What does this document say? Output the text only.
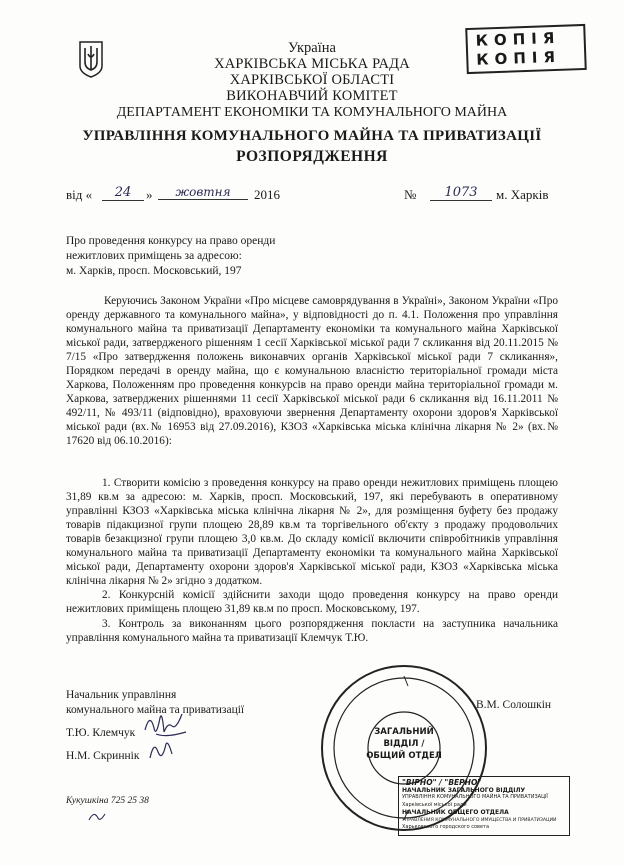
КОПІЯ
КОПІЯ
Україна
ХАРКІВСЬКА МІСЬКА РАДА
ХАРКІВСЬКОЇ ОБЛАСТІ
ВИКОНАВЧИЙ КОМІТЕТ
ДЕПАРТАМЕНТ ЕКОНОМІКИ ТА КОМУНАЛЬНОГО МАЙНА
УПРАВЛІННЯ КОМУНАЛЬНОГО МАЙНА ТА ПРИВАТИЗАЦІЇ
РОЗПОРЯДЖЕННЯ
від «	24	»	жовтня	2016	№	1073	м. Харків
Про проведення конкурсу на право оренди
нежитлових приміщень за адресою:
м. Харків, просп. Московський, 197
Керуючись Законом України «Про місцеве самоврядування в Україні», Законом України «Про оренду державного та комунального майна», у відповідності до п. 4.1. Положення про управління комунального майна та приватизації Департаменту економіки та комунального майна Харківської міської ради, затвердженого рішенням 1 сесії Харківської міської ради 7 скликання від 20.11.2015 № 7/15 «Про затвердження положень виконавчих органів Харківської міської ради 7 скликання», Порядком передачі в оренду майна, що є комунальною власністю територіальної громади міста Харкова, Положенням про проведення конкурсів на право оренди майна територіальної громади м. Харкова, затверджених рішеннями 11 сесії Харківської міської ради 6 скликання від 16.11.2011 № 492/11, № 493/11 (відповідно), враховуючи звернення Департаменту охорони здоров'я Харківської міської ради (вх.№ 16953 від 27.09.2016), КЗОЗ «Харківська міська клінічна лікарня № 2» (вх.№ 17620 від 06.10.2016):
1. Створити комісію з проведення конкурсу на право оренди нежитлових приміщень площею 31,89 кв.м за адресою: м. Харків, просп. Московський, 197, які перебувають в оперативному управлінні КЗОЗ «Харківська міська клінічна лікарня № 2», для розміщення буфету без продажу товарів підакцизної групи площею 28,89 кв.м та торгівельного об'єкту з продажу продовольчих товарів безакцизної групи площею 3,0 кв.м. До складу комісії включити співробітників управління комунального майна та приватизації Департаменту економіки та комунального майна Харківської міської ради, Департаменту охорони здоров'я Харківської міської ради, КЗОЗ «Харківська міська клінічна лікарня № 2» згідно з додатком.
2. Конкурсній комісії здійснити заходи щодо проведення конкурсу на право оренди нежитлових приміщень площею 31,89 кв.м по просп. Московському, 197.
3. Контроль за виконанням цього розпорядження покласти на заступника начальника управління комунального майна та приватизації Клемчук Т.Ю.
Начальник управління
комунального майна та приватизації	В.М. Солошкін
Т.Ю. Клемчук
Н.М. Скриннік
Кукушкіна 725 25 38
ЗАГАЛЬНИЙ
ВІДДІЛ /
ОБЩИЙ ОТДЕЛ
"ВІРНО" / "ВЕРНО"
НАЧАЛЬНИК ЗАГАЛЬНОГО ВІДДІЛУ
УПРАВЛІННЯ КОМУНАЛЬНОГО МАЙНА ТА ПРИВАТИЗАЦІЇ
Харківської міської ради
НАЧАЛЬНИК ОБЩЕГО ОТДЕЛА
УПРАВЛЕНИЯ КОММУНАЛЬНОГО ИМУЩЕСТВА И ПРИВАТИЗАЦИИ
Харьковского городского совета
